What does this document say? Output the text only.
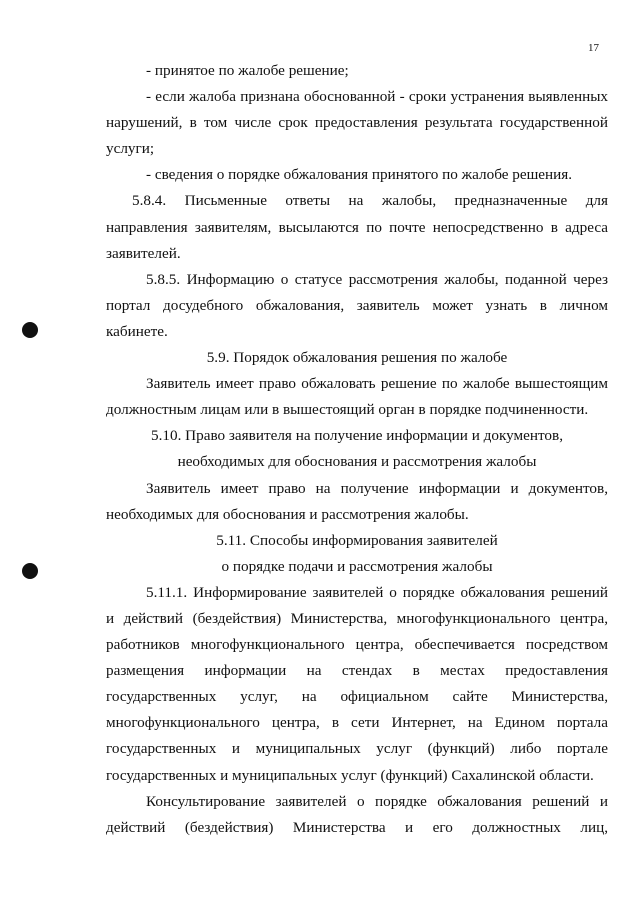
17

- принятое по жалобе решение;

- если жалоба признана обоснованной - сроки устранения выявленных

нарушений, в том числе срок предоставления результата государственной

услуги;

- сведения о порядке обжалования принятого по жалобе решения.

5.8.4. Письменные ответы на жалобы, предназначенные для

направления заявителям, высылаются по почте непосредственно в адреса

заявителей.

5.8.5. Информацию о статусе рассмотрения жалобы, поданной через

портал досудебного обжалования, заявитель может узнать в личном

кабинете.

5.9. Порядок обжалования решения по жалобе

Заявитель имеет право обжаловать решение по жалобе вышестоящим

должностным лицам или в вышестоящий орган в порядке подчиненности.

5.10. Право заявителя на получение информации и документов,

необходимых для обоснования и рассмотрения жалобы

Заявитель имеет право на получение информации и документов,

необходимых для обоснования и рассмотрения жалобы.

5.11. Способы информирования заявителей

о порядке подачи и рассмотрения жалобы

5.11.1. Информирование заявителей о порядке обжалования решений

и действий (бездействия) Министерства, многофункционального центра,

работников многофункционального центра, обеспечивается посредством

размещения информации на стендах в местах предоставления

государственных услуг, на официальном сайте Министерства,

многофункционального центра, в сети Интернет, на Едином портала

государственных и муниципальных услуг (функций) либо портале

государственных и муниципальных услуг (функций) Сахалинской области.

Консультирование заявителей о порядке обжалования решений и

действий (бездействия) Министерства и его должностных лиц,
